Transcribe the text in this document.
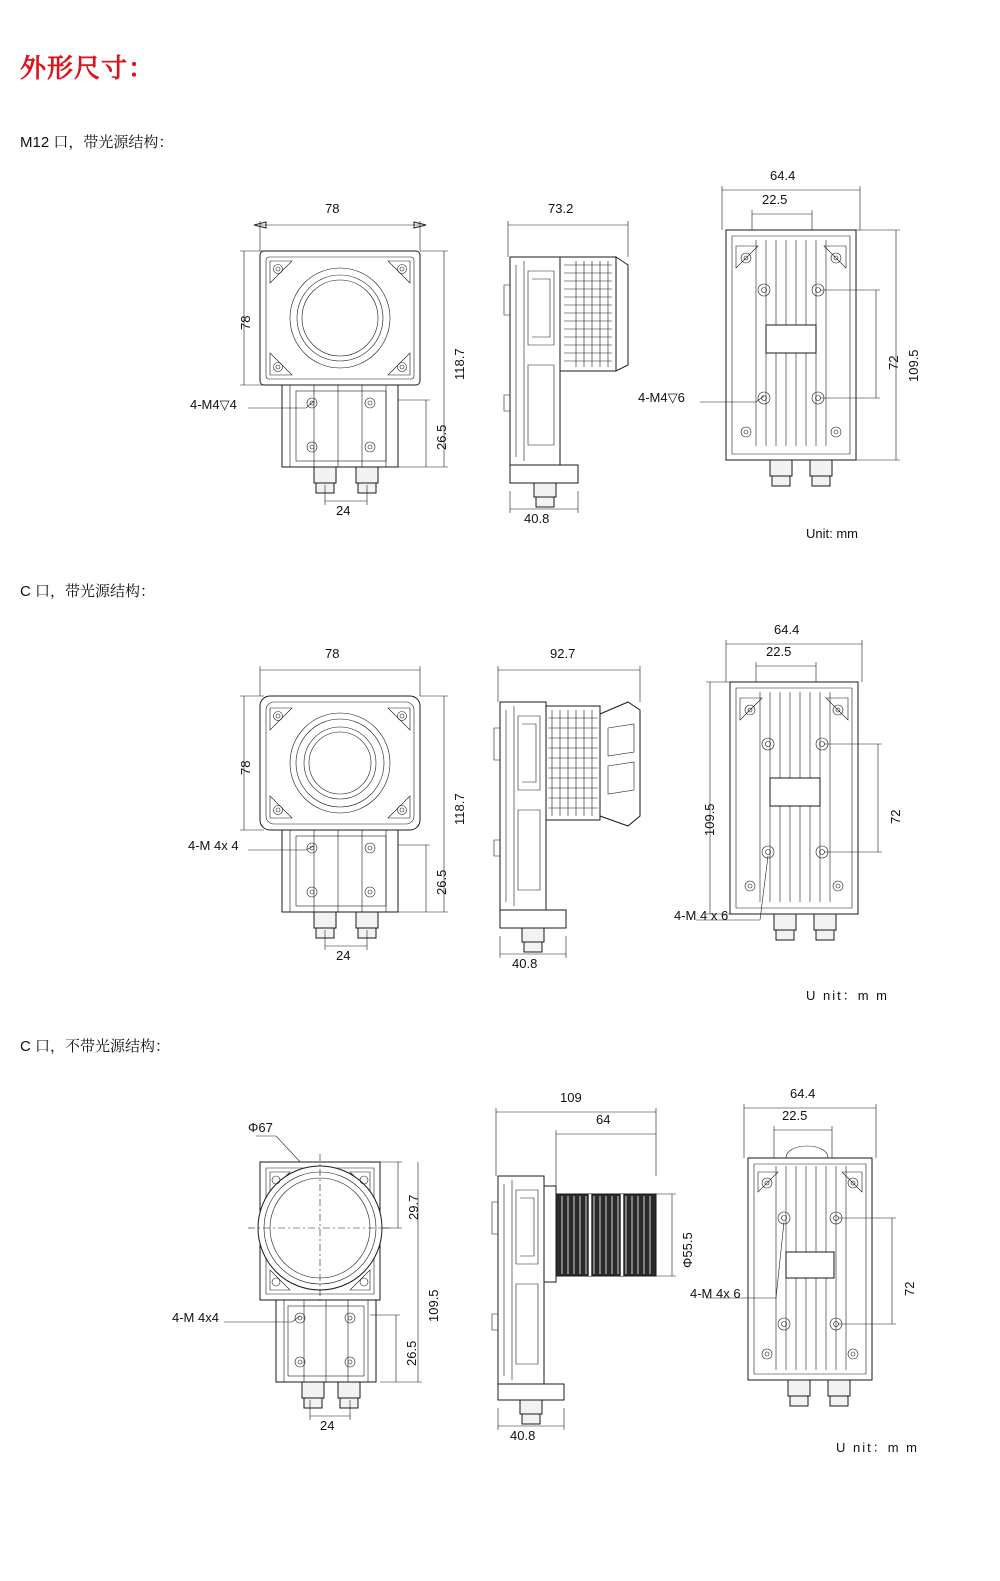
外形尺寸：
M12 口，带光源结构：
78
78
118.7
26.5
24
4-M4▽4
73.2
40.8
64.4
22.5
72 109.5
4-M4▽6
Unit: mm
C 口，带光源结构：
78
78
118.7
26.5
24
4-M 4x 4
92.7
40.8
64.4
22.5
72
109.5
4-M 4 x 6
U nit：m m
C 口，不带光源结构：
Φ67
29.7
109.5
26.5
24
4-M 4x4
109
64
Φ55.5
40.8
64.4
22.5
72
4-M 4x 6
U nit：m m
